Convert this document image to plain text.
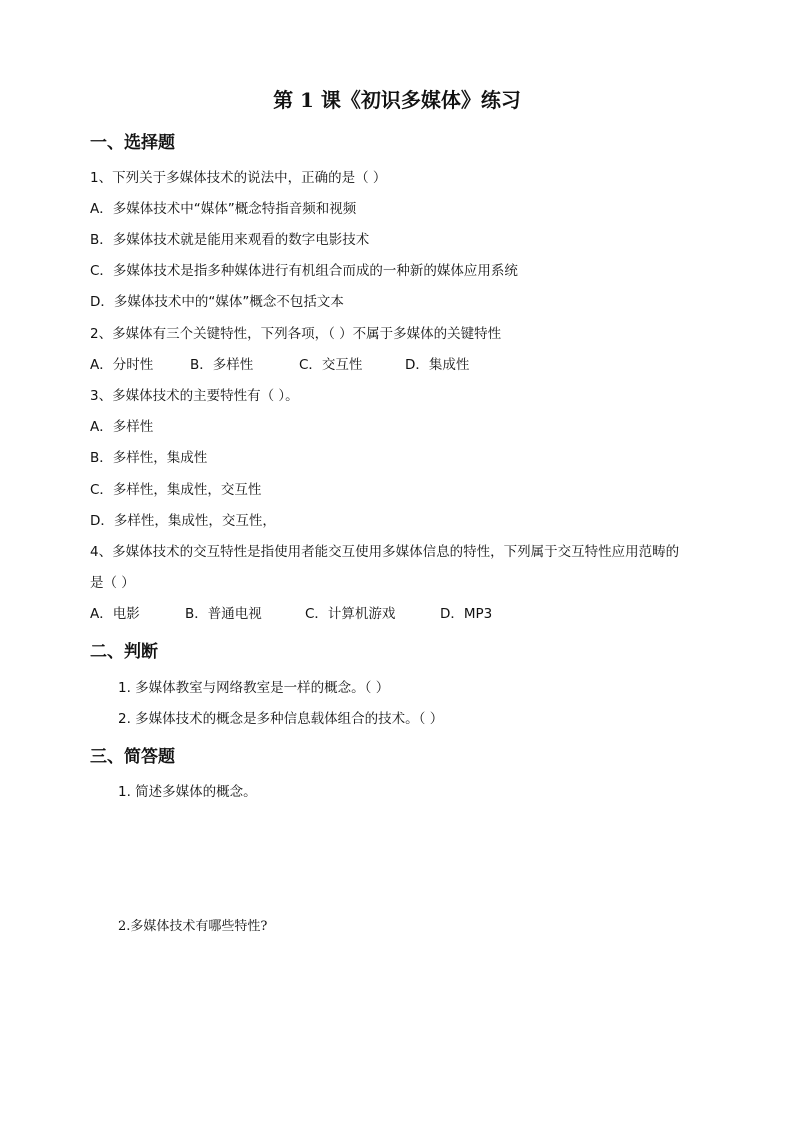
第 1 课《初识多媒体》练习
一、选择题
1、下列关于多媒体技术的说法中，正确的是（ ）
A．多媒体技术中“媒体”概念特指音频和视频
B．多媒体技术就是能用来观看的数字电影技术
C．多媒体技术是指多种媒体进行有机组合而成的一种新的媒体应用系统
D．多媒体技术中的“媒体”概念不包括文本
2、多媒体有三个关键特性，下列各项，（ ）不属于多媒体的关键特性
A．分时性	B．多样性	C．交互性	D．集成性
3、多媒体技术的主要特性有（ ）。
A．多样性
B．多样性，集成性
C．多样性，集成性，交互性
D．多样性，集成性，交互性，
4、多媒体技术的交互特性是指使用者能交互使用多媒体信息的特性，下列属于交互特性应用范畴的
是（ ）
A．电影	B．普通电视	C．计算机游戏	D．MP3
二、判断
1. 多媒体教室与网络教室是一样的概念。（ ）
2. 多媒体技术的概念是多种信息载体组合的技术。（ ）
三、简答题
1. 简述多媒体的概念。
2.多媒体技术有哪些特性?
